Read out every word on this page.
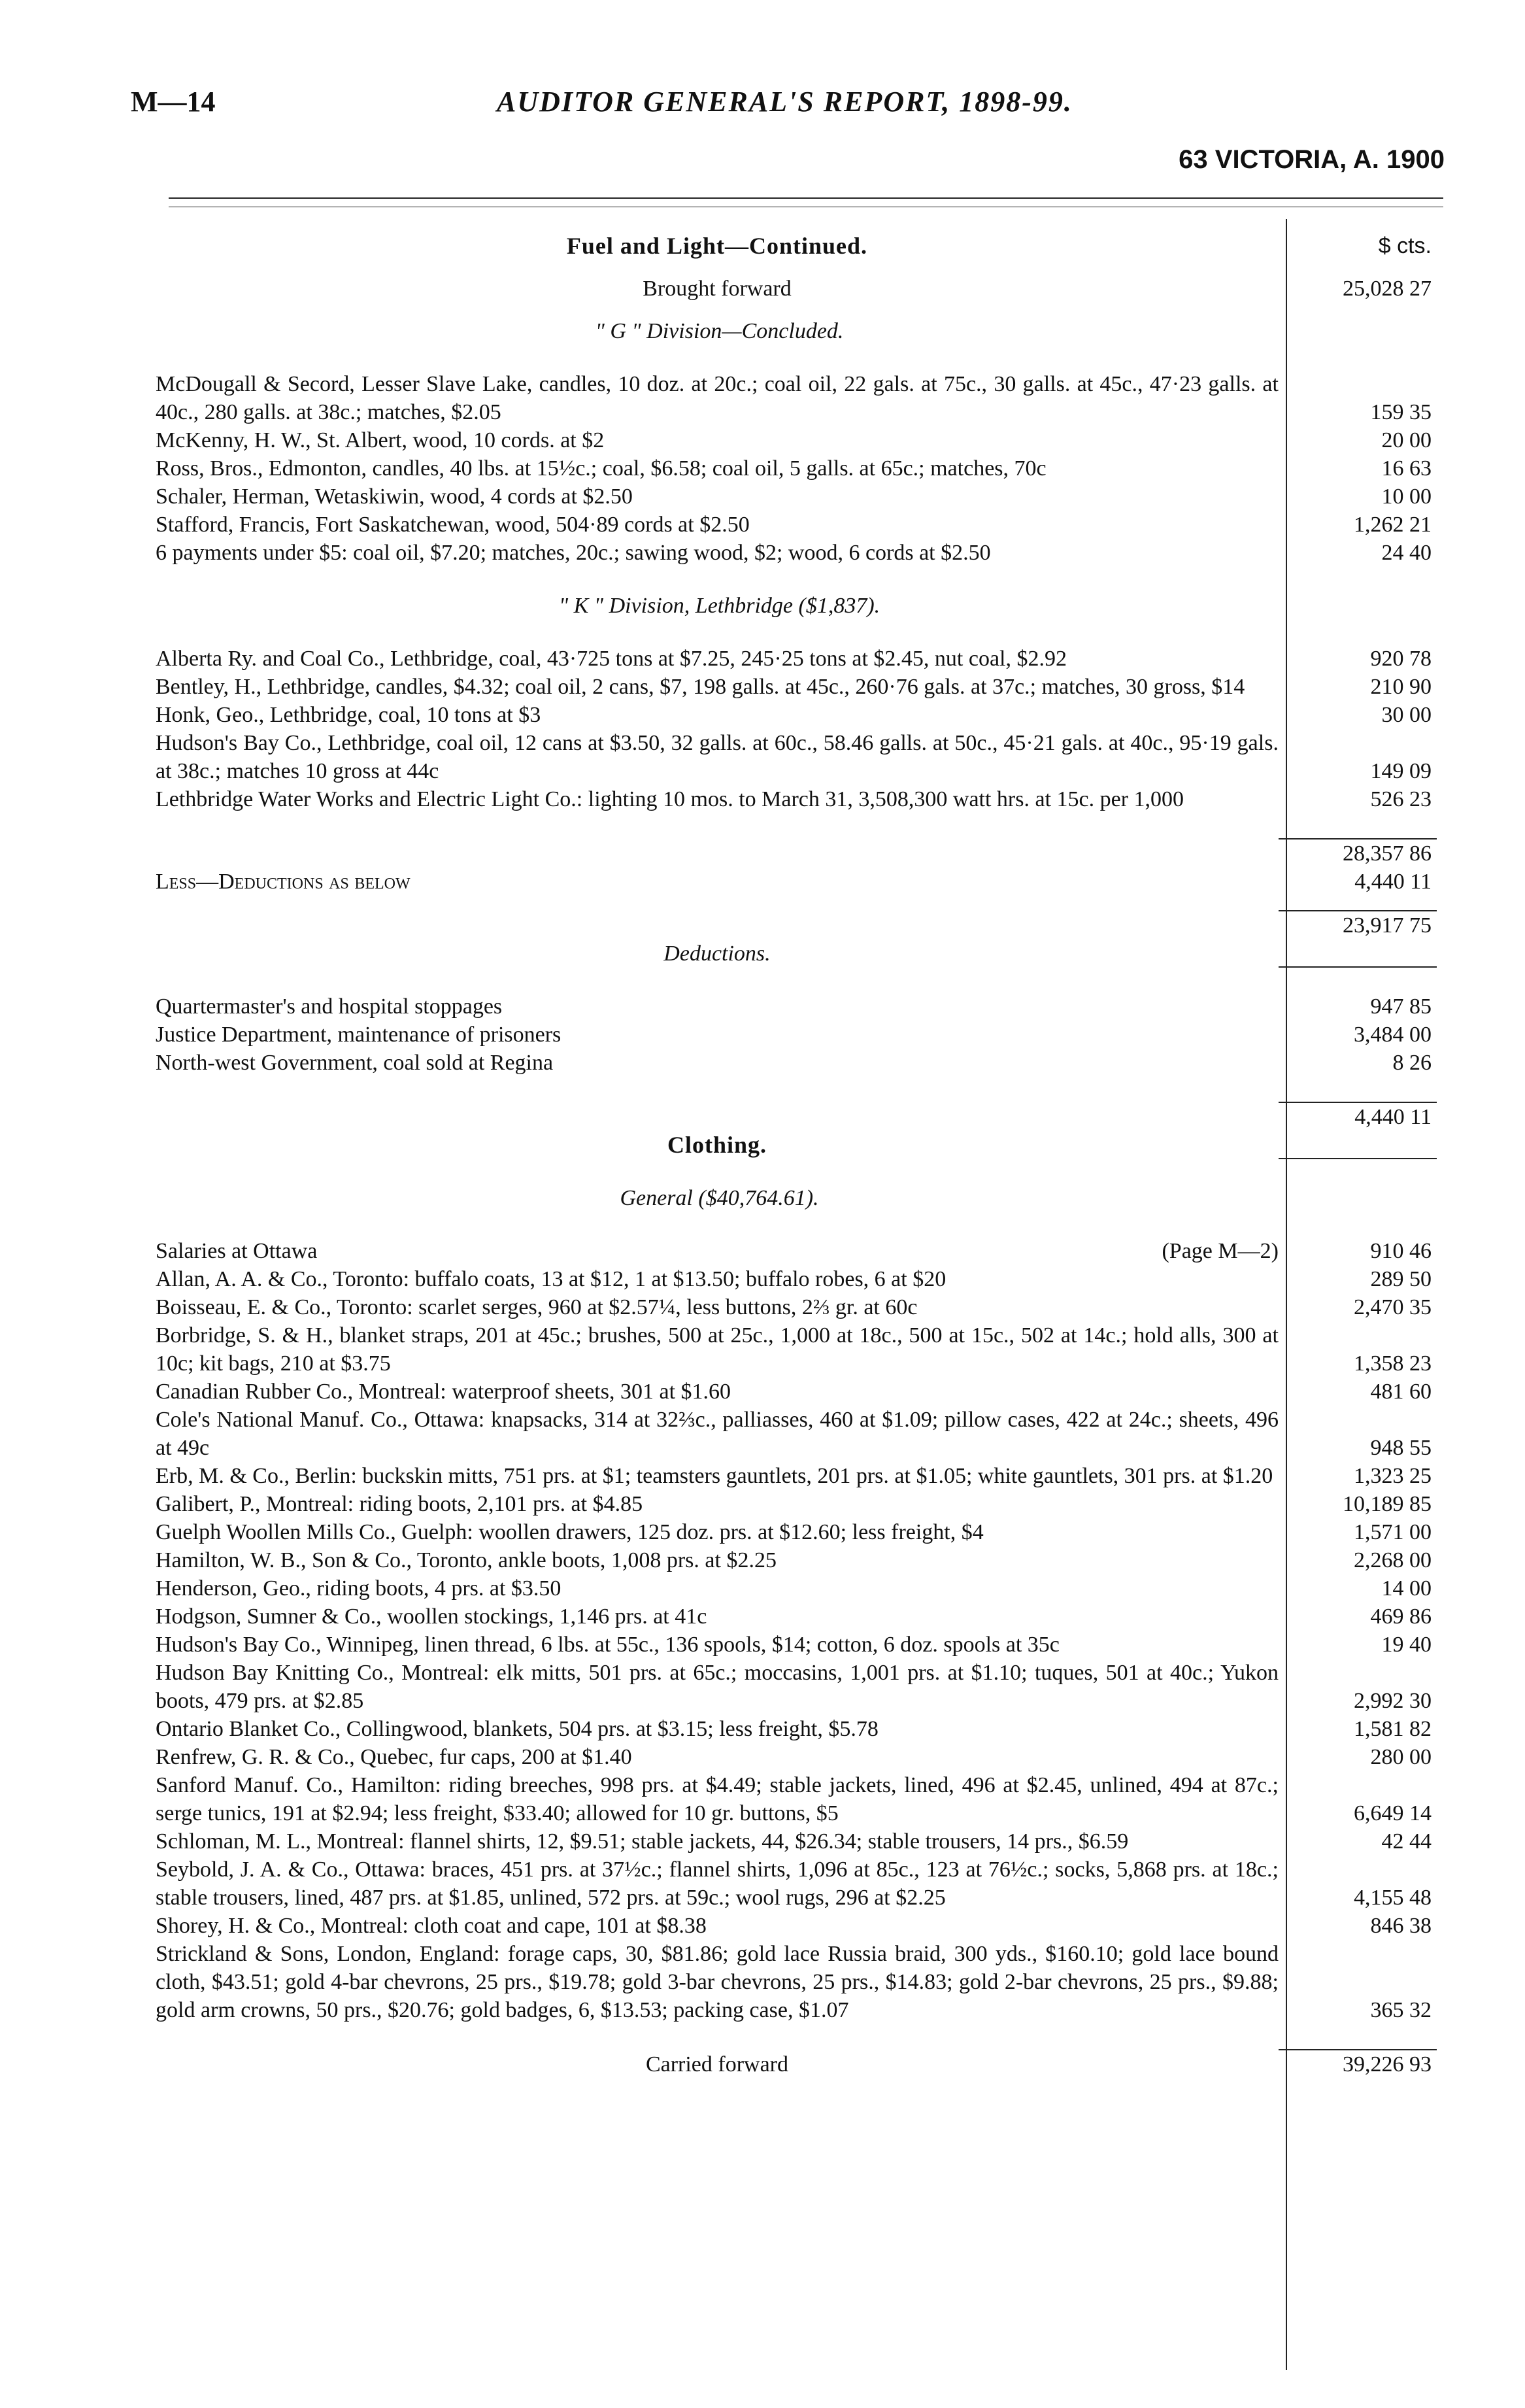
M—14	AUDITOR GENERAL'S REPORT, 1898-99.
63 VICTORIA, A. 1900
Fuel and Light—Continued.	$ cts.
Brought forward	25,028 27
" G " Division—Concluded.
McDougall & Secord, Lesser Slave Lake, candles, 10 doz. at 20c.; coal oil, 22 gals. at 75c., 30 galls. at 45c., 47·23 galls. at 40c., 280 galls. at 38c.; matches, $2.05	159 35
McKenny, H. W., St. Albert, wood, 10 cords. at $2	20 00
Ross, Bros., Edmonton, candles, 40 lbs. at 15½c.; coal, $6.58; coal oil, 5 galls. at 65c.; matches, 70c	16 63
Schaler, Herman, Wetaskiwin, wood, 4 cords at $2.50	10 00
Stafford, Francis, Fort Saskatchewan, wood, 504·89 cords at $2.50	1,262 21
6 payments under $5: coal oil, $7.20; matches, 20c.; sawing wood, $2; wood, 6 cords at $2.50	24 40
" K " Division, Lethbridge ($1,837).
Alberta Ry. and Coal Co., Lethbridge, coal, 43·725 tons at $7.25, 245·25 tons at $2.45, nut coal, $2.92	920 78
Bentley, H., Lethbridge, candles, $4.32; coal oil, 2 cans, $7, 198 galls. at 45c., 260·76 gals. at 37c.; matches, 30 gross, $14	210 90
Honk, Geo., Lethbridge, coal, 10 tons at $3	30 00
Hudson's Bay Co., Lethbridge, coal oil, 12 cans at $3.50, 32 galls. at 60c., 58.46 galls. at 50c., 45·21 gals. at 40c., 95·19 gals. at 38c.; matches 10 gross at 44c	149 09
Lethbridge Water Works and Electric Light Co.: lighting 10 mos. to March 31, 3,508,300 watt hrs. at 15c. per 1,000	526 23
28,357 86
Less—Deductions as below	4,440 11
23,917 75
Deductions.
Quartermaster's and hospital stoppages	947 85
Justice Department, maintenance of prisoners	3,484 00
North-west Government, coal sold at Regina	8 26
4,440 11
Clothing.
General ($40,764.61).
Salaries at Ottawa	(Page M—2)	910 46
Allan, A. A. & Co., Toronto: buffalo coats, 13 at $12, 1 at $13.50; buffalo robes, 6 at $20	289 50
Boisseau, E. & Co., Toronto: scarlet serges, 960 at $2.57¼, less buttons, 2⅔ gr. at 60c	2,470 35
Borbridge, S. & H., blanket straps, 201 at 45c.; brushes, 500 at 25c., 1,000 at 18c., 500 at 15c., 502 at 14c.; hold alls, 300 at 10c; kit bags, 210 at $3.75	1,358 23
Canadian Rubber Co., Montreal: waterproof sheets, 301 at $1.60	481 60
Cole's National Manuf. Co., Ottawa: knapsacks, 314 at 32⅔c., palliasses, 460 at $1.09; pillow cases, 422 at 24c.; sheets, 496 at 49c	948 55
Erb, M. & Co., Berlin: buckskin mitts, 751 prs. at $1; teamsters gauntlets, 201 prs. at $1.05; white gauntlets, 301 prs. at $1.20	1,323 25
Galibert, P., Montreal: riding boots, 2,101 prs. at $4.85	10,189 85
Guelph Woollen Mills Co., Guelph: woollen drawers, 125 doz. prs. at $12.60; less freight, $4	1,571 00
Hamilton, W. B., Son & Co., Toronto, ankle boots, 1,008 prs. at $2.25	2,268 00
Henderson, Geo., riding boots, 4 prs. at $3.50	14 00
Hodgson, Sumner & Co., woollen stockings, 1,146 prs. at 41c	469 86
Hudson's Bay Co., Winnipeg, linen thread, 6 lbs. at 55c., 136 spools, $14; cotton, 6 doz. spools at 35c	19 40
Hudson Bay Knitting Co., Montreal: elk mitts, 501 prs. at 65c.; moccasins, 1,001 prs. at $1.10; tuques, 501 at 40c.; Yukon boots, 479 prs. at $2.85	2,992 30
Ontario Blanket Co., Collingwood, blankets, 504 prs. at $3.15; less freight, $5.78	1,581 82
Renfrew, G. R. & Co., Quebec, fur caps, 200 at $1.40	280 00
Sanford Manuf. Co., Hamilton: riding breeches, 998 prs. at $4.49; stable jackets, lined, 496 at $2.45, unlined, 494 at 87c.; serge tunics, 191 at $2.94; less freight, $33.40; allowed for 10 gr. buttons, $5	6,649 14
Schloman, M. L., Montreal: flannel shirts, 12, $9.51; stable jackets, 44, $26.34; stable trousers, 14 prs., $6.59	42 44
Seybold, J. A. & Co., Ottawa: braces, 451 prs. at 37½c.; flannel shirts, 1,096 at 85c., 123 at 76½c.; socks, 5,868 prs. at 18c.; stable trousers, lined, 487 prs. at $1.85, unlined, 572 prs. at 59c.; wool rugs, 296 at $2.25	4,155 48
Shorey, H. & Co., Montreal: cloth coat and cape, 101 at $8.38	846 38
Strickland & Sons, London, England: forage caps, 30, $81.86; gold lace Russia braid, 300 yds., $160.10; gold lace bound cloth, $43.51; gold 4-bar chevrons, 25 prs., $19.78; gold 3-bar chevrons, 25 prs., $14.83; gold 2-bar chevrons, 25 prs., $9.88; gold arm crowns, 50 prs., $20.76; gold badges, 6, $13.53; packing case, $1.07	365 32
Carried forward	39,226 93
